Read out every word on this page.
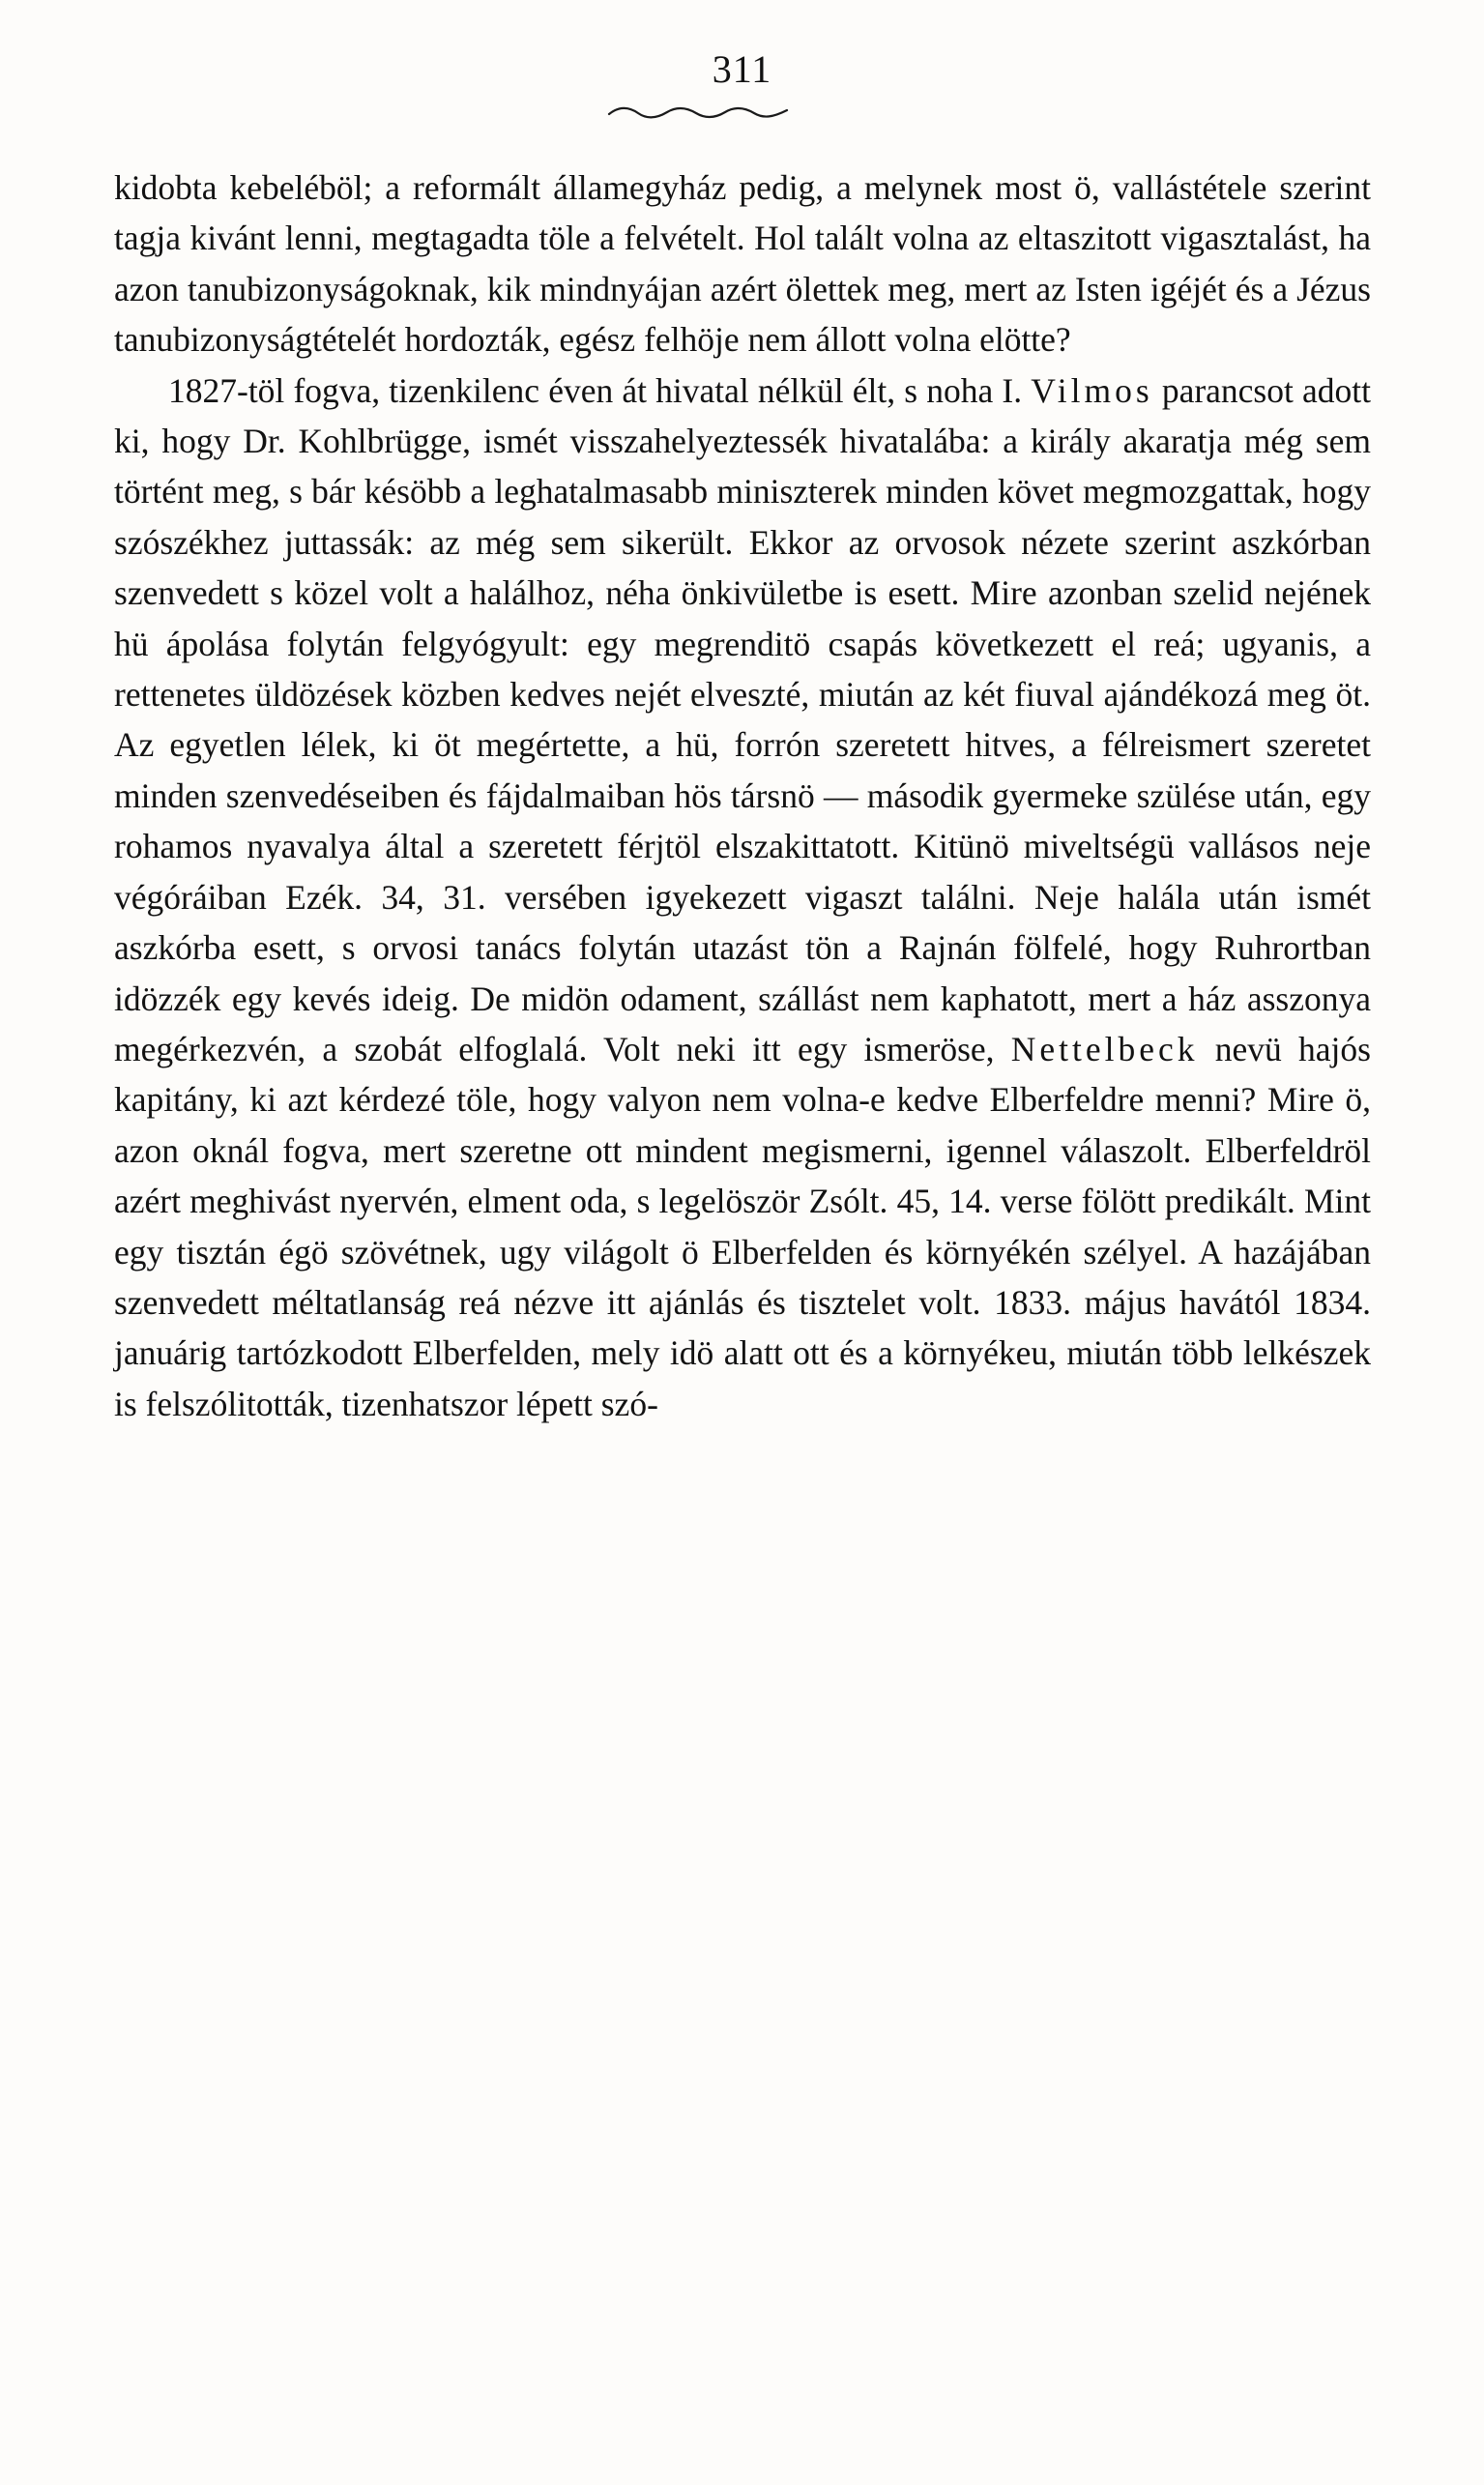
311

kidobta kebeléböl; a reformált államegyház pedig, a melynek most ö, vallástétele szerint tagja kivánt lenni, megtagadta töle a felvételt. Hol talált volna az eltaszitott vigasztalást, ha azon tanubizonyságoknak, kik mindnyájan azért ölettek meg, mert az Isten igéjét és a Jézus tanubizonyságtételét hordozták, egész felhöje nem állott volna elötte?

1827-töl fogva, tizenkilenc éven át hivatal nélkül élt, s noha I. Vilmos parancsot adott ki, hogy Dr. Kohlbrügge, ismét visszahelyeztessék hivatalába: a király akaratja még sem történt meg, s bár késöbb a leghatalmasabb miniszterek minden követ megmozgattak, hogy szószékhez juttassák: az még sem sikerült. Ekkor az orvosok nézete szerint aszkórban szenvedett s közel volt a halálhoz, néha önkivületbe is esett. Mire azonban szelid nejének hü ápolása folytán felgyógyult: egy megrenditö csapás következett el reá; ugyanis, a rettenetes üldözések közben kedves nejét elveszté, miután az két fiuval ajándékozá meg öt. Az egyetlen lélek, ki öt megértette, a hü, forrón szeretett hitves, a félreismert szeretet minden szenvedéseiben és fájdalmaiban hös társnö — második gyermeke szülése után, egy rohamos nyavalya által a szeretett férjtöl elszakittatott. Kitünö miveltségü vallásos neje végóráiban Ezék. 34, 31. versében igyekezett vigaszt találni. Neje halála után ismét aszkórba esett, s orvosi tanács folytán utazást tön a Rajnán fölfelé, hogy Ruhrortban idözzék egy kevés ideig. De midön odament, szállást nem kaphatott, mert a ház asszonya megérkezvén, a szobát elfoglalá. Volt neki itt egy ismeröse, Nettelbeck nevü hajós kapitány, ki azt kérdezé töle, hogy valyon nem volna-e kedve Elberfeldre menni? Mire ö, azon oknál fogva, mert szeretne ott mindent megismerni, igennel válaszolt. Elberfeldröl azért meghivást nyervén, elment oda, s legelöször Zsólt. 45, 14. verse fölött predikált. Mint egy tisztán égö szövétnek, ugy világolt ö Elberfelden és környékén szélyel. A hazájában szenvedett méltatlanság reá nézve itt ajánlás és tisztelet volt. 1833. május havától 1834. januárig tartózkodott Elberfelden, mely idö alatt ott és a környékeu, miután több lelkészek is felszólitották, tizenhatszor lépett szó-
